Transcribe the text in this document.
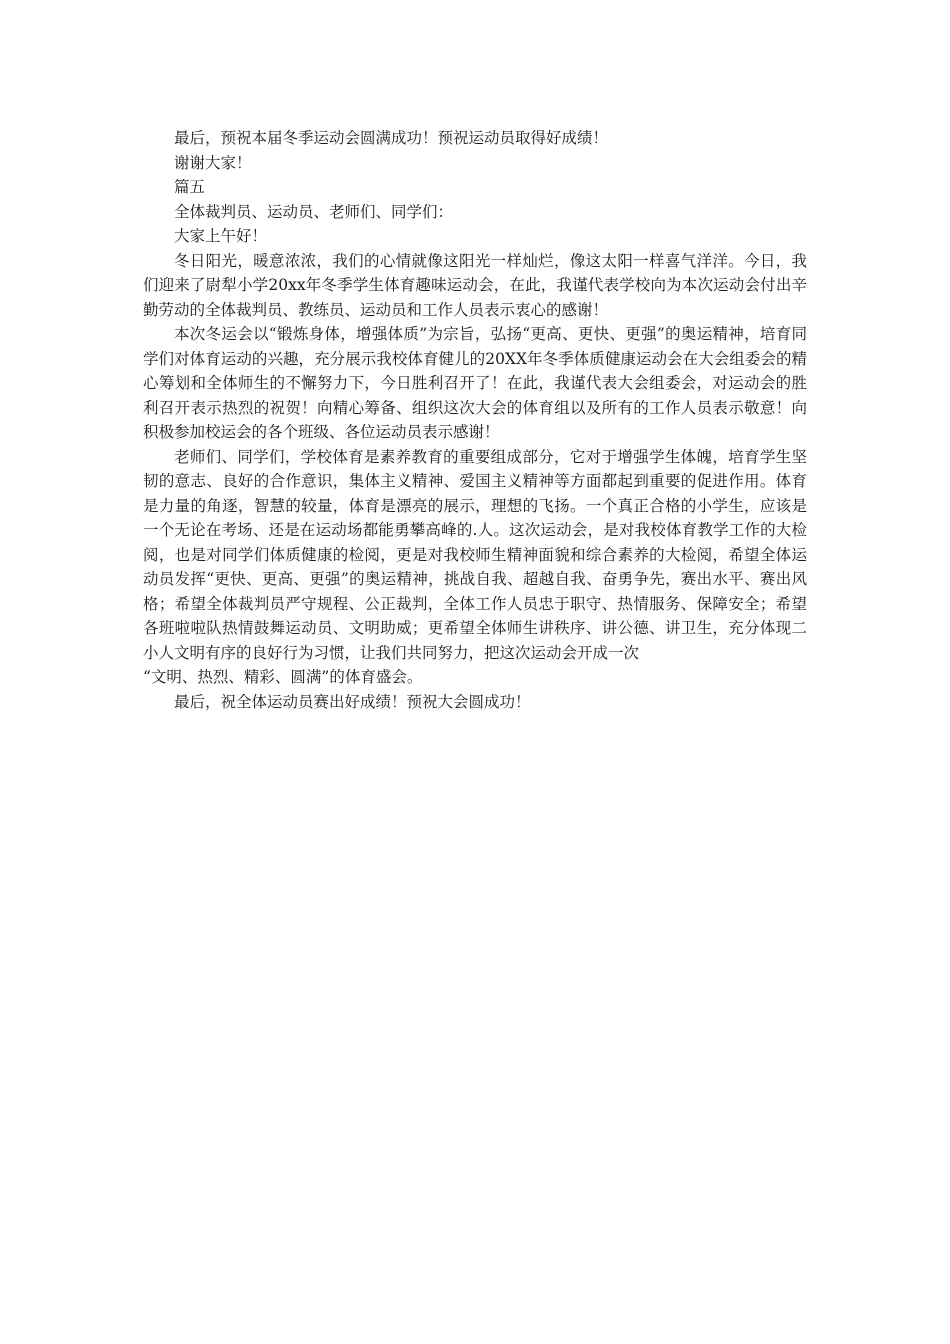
最后，预祝本届冬季运动会圆满成功！预祝运动员取得好成绩！

谢谢大家！

篇五

全体裁判员、运动员、老师们、同学们：

大家上午好！

冬日阳光，暖意浓浓，我们的心情就像这阳光一样灿烂，像这太阳一样喜气洋洋。今日，我们迎来了尉犁小学20xx年冬季学生体育趣味运动会，在此，我谨代表学校向为本次运动会付出辛勤劳动的全体裁判员、教练员、运动员和工作人员表示衷心的感谢！

本次冬运会以“锻炼身体，增强体质”为宗旨，弘扬“更高、更快、更强”的奥运精神，培育同学们对体育运动的兴趣，充分展示我校体育健儿的20XX年冬季体质健康运动会在大会组委会的精心筹划和全体师生的不懈努力下，今日胜利召开了！在此，我谨代表大会组委会，对运动会的胜利召开表示热烈的祝贺！向精心筹备、组织这次大会的体育组以及所有的工作人员表示敬意！向积极参加校运会的各个班级、各位运动员表示感谢！

老师们、同学们，学校体育是素养教育的重要组成部分，它对于增强学生体魄，培育学生坚韧的意志、良好的合作意识，集体主义精神、爱国主义精神等方面都起到重要的促进作用。体育是力量的角逐，智慧的较量，体育是漂亮的展示，理想的飞扬。一个真正合格的小学生，应该是一个无论在考场、还是在运动场都能勇攀高峰的.人。这次运动会，是对我校体育教学工作的大检阅，也是对同学们体质健康的检阅，更是对我校师生精神面貌和综合素养的大检阅，希望全体运动员发挥“更快、更高、更强”的奥运精神，挑战自我、超越自我、奋勇争先，赛出水平、赛出风格；希望全体裁判员严守规程、公正裁判，全体工作人员忠于职守、热情服务、保障安全；希望各班啦啦队热情鼓舞运动员、文明助威；更希望全体师生讲秩序、讲公德、讲卫生，充分体现二小人文明有序的良好行为习惯，让我们共同努力，把这次运动会开成一次

“文明、热烈、精彩、圆满”的体育盛会。

最后，祝全体运动员赛出好成绩！预祝大会圆成功！
